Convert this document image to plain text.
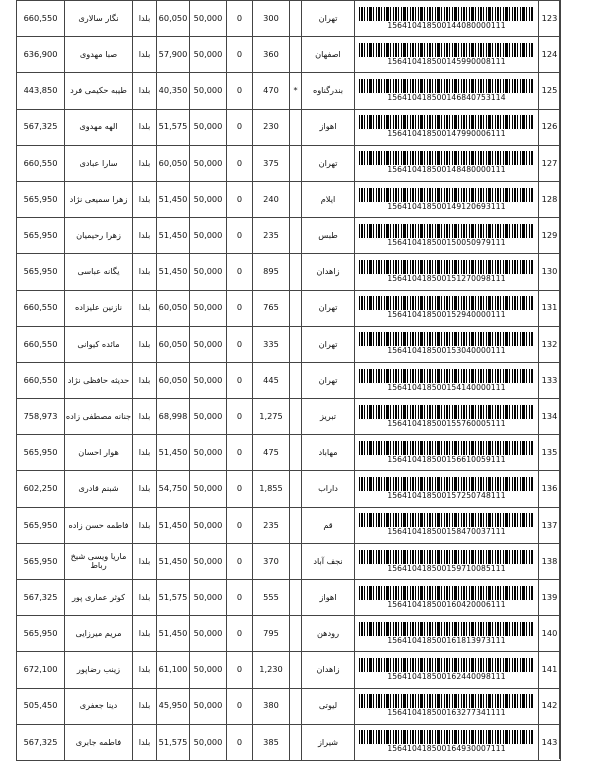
660,550	نگار سالاری	بلدا	60,050	50,000	0	300		تهران	156410418500144080000111	123
636,900	صبا مهدوی	بلدا	57,900	50,000	0	360		اصفهان	156410418500145990008111	124
443,850	طیبه حکیمی فرد	بلدا	40,350	50,000	0	470	*	بندرگناوه	156410418500146840753114	125
567,325	الهه مهدوی	بلدا	51,575	50,000	0	230		اهواز	156410418500147990006111	126
660,550	سارا عبادی	بلدا	60,050	50,000	0	375		تهران	156410418500148480000111	127
565,950	زهرا سمیعی نژاد	بلدا	51,450	50,000	0	240		ایلام	156410418500149120693111	128
565,950	زهرا رحیمیان	بلدا	51,450	50,000	0	235		طبس	156410418500150050979111	129
565,950	یگانه عباسی	بلدا	51,450	50,000	0	895		زاهدان	156410418500151270098111	130
660,550	نازنین علیزاده	بلدا	60,050	50,000	0	765		تهران	156410418500152940000111	131
660,550	مائده کیوانی	بلدا	60,050	50,000	0	335		تهران	156410418500153040000111	132
660,550	حدیثه حافظی نژاد	بلدا	60,050	50,000	0	445		تهران	156410418500154140000111	133
758,973	جنانه مصطفی زاده	بلدا	68,998	50,000	0	1,275		تبریز	156410418500155760005111	134
565,950	هوار احسان	بلدا	51,450	50,000	0	475		مهاباد	156410418500156610059111	135
602,250	شبنم قادری	بلدا	54,750	50,000	0	1,855		داراب	156410418500157250748111	136
565,950	فاطمه حسن زاده	بلدا	51,450	50,000	0	235		قم	156410418500158470037111	137
565,950	ماریا ویسی شیخ رباط	بلدا	51,450	50,000	0	370		نجف آباد	156410418500159710085111	138
567,325	کوثر عماری پور	بلدا	51,575	50,000	0	555		اهواز	156410418500160420006111	139
565,950	مریم میرزایی	بلدا	51,450	50,000	0	795		رودهن	156410418500161813973111	140
672,100	زینب رضاپور	بلدا	61,100	50,000	0	1,230		زاهدان	156410418500162440098111	141
505,450	دینا جعفری	بلدا	45,950	50,000	0	380		لیوتی	156410418500163277341111	142
567,325	فاطمه جابری	بلدا	51,575	50,000	0	385		شیراز	156410418500164930007111	143
